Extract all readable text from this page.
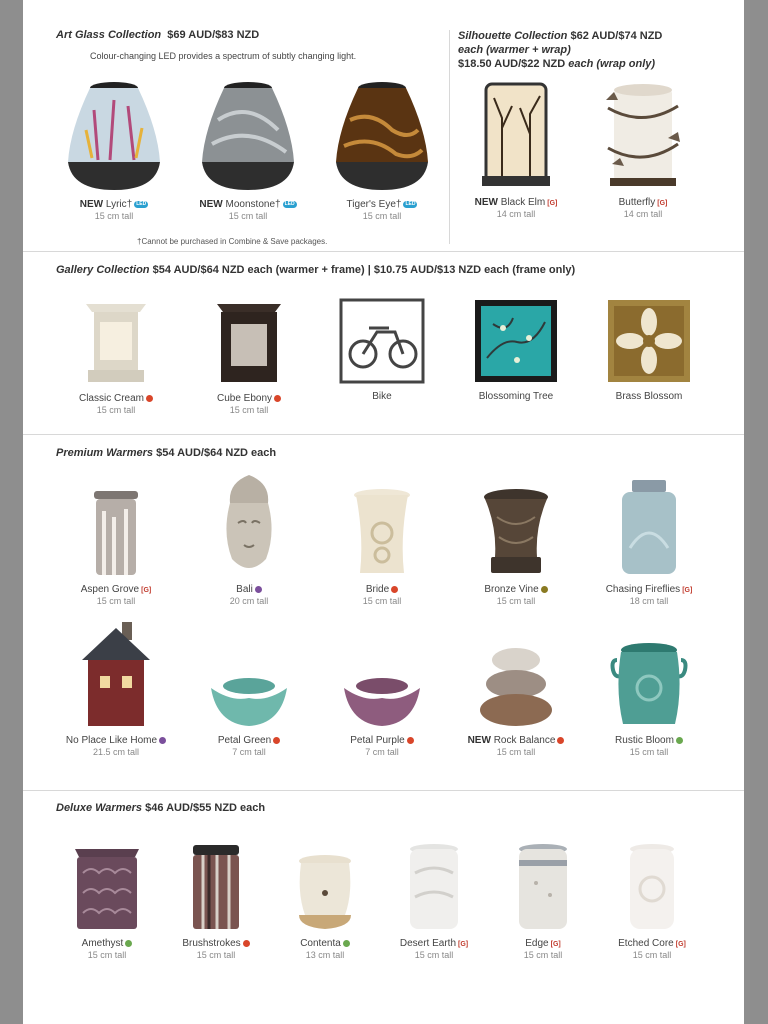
Art Glass Collection $69 AUD/$83 NZD
Colour-changing LED provides a spectrum of subtly changing light.
NEW Lyric† LED
15 cm tall
NEW Moonstone† LED
15 cm tall
Tiger's Eye† LED
15 cm tall
†Cannot be purchased in Combine & Save packages.
Silhouette Collection $62 AUD/$74 NZD
each (warmer + wrap)
$18.50 AUD/$22 NZD each (wrap only)
NEW Black Elm [G]
14 cm tall
Butterfly [G]
14 cm tall
Gallery Collection $54 AUD/$64 NZD each (warmer + frame) | $10.75 AUD/$13 NZD each (frame only)
Classic Cream
15 cm tall
Cube Ebony
15 cm tall
Bike	Blossoming Tree	Brass Blossom
Premium Warmers $54 AUD/$64 NZD each
Aspen Grove [G]
15 cm tall
Bali
20 cm tall
Bride
15 cm tall
Bronze Vine
15 cm tall
Chasing Fireflies [G]
18 cm tall
No Place Like Home
21.5 cm tall
Petal Green
7 cm tall
Petal Purple
7 cm tall
NEW Rock Balance
15 cm tall
Rustic Bloom
15 cm tall
Deluxe Warmers $46 AUD/$55 NZD each
Amethyst
15 cm tall
Brushstrokes
15 cm tall
Contenta
13 cm tall
Desert Earth [G]
15 cm tall
Edge [G]
15 cm tall
Etched Core [G]
15 cm tall
